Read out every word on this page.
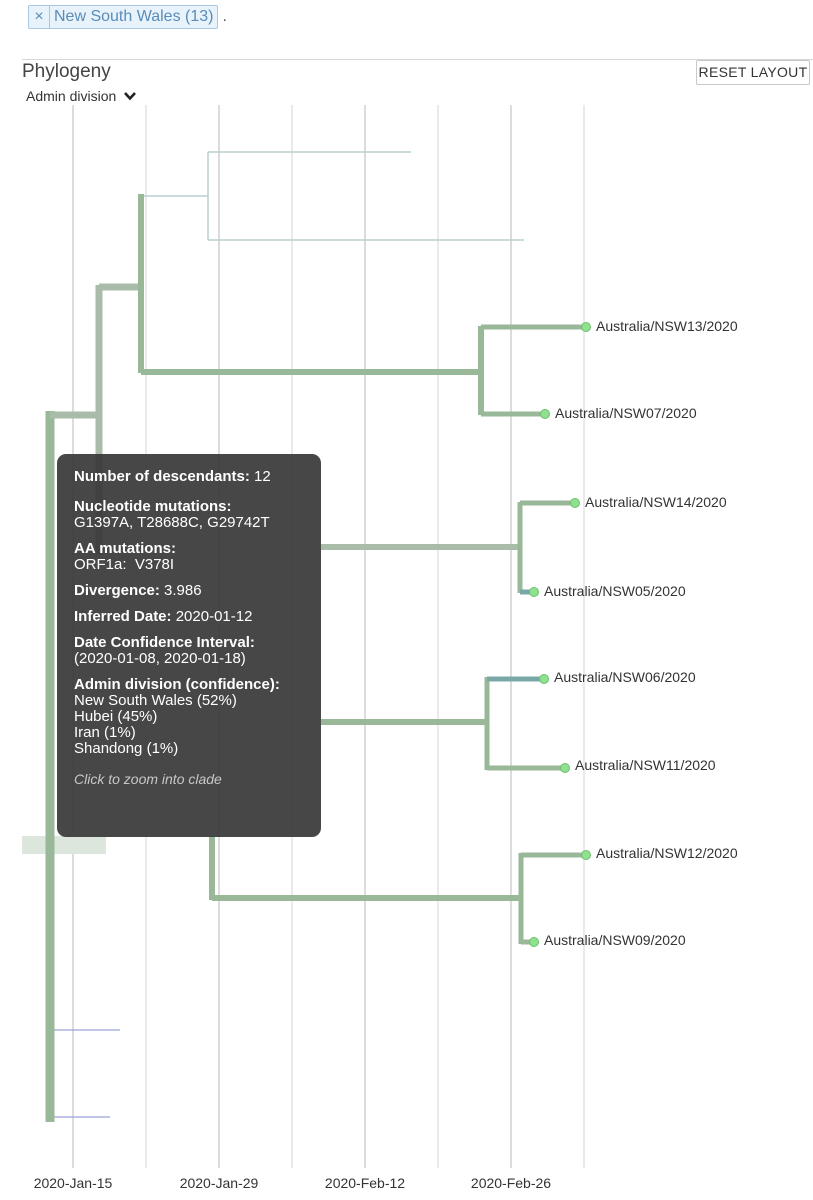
× New South Wales (13) .
Phylogeny	RESET LAYOUT
Admin division
Australia/NSW13/2020
Australia/NSW07/2020
Australia/NSW14/2020
Australia/NSW05/2020
Australia/NSW06/2020
Australia/NSW11/2020
Australia/NSW12/2020
Australia/NSW09/2020
2020-Jan-15	2020-Jan-29	2020-Feb-12	2020-Feb-26
Number of descendants: 12
Nucleotide mutations:
G1397A, T28688C, G29742T
AA mutations:
ORF1a:  V378I
Divergence: 3.986
Inferred Date: 2020-01-12
Date Confidence Interval:
(2020-01-08, 2020-01-18)
Admin division (confidence):
New South Wales (52%)
Hubei (45%)
Iran (1%)
Shandong (1%)
Click to zoom into clade
